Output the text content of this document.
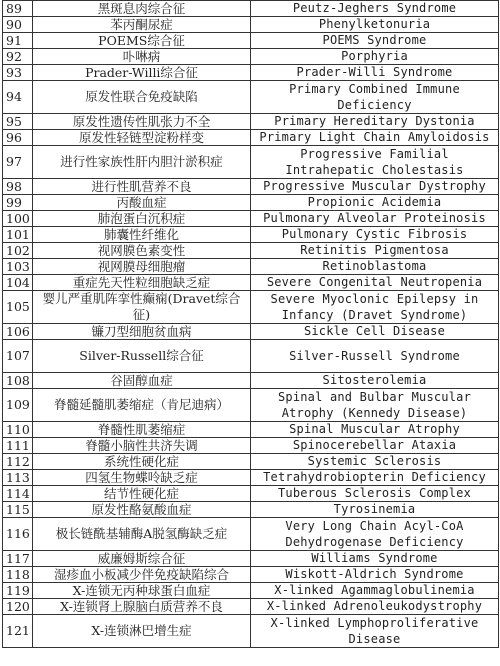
89	黑斑息肉综合征	Peutz-Jeghers Syndrome
90	苯丙酮尿症	Phenylketonuria
91	POEMS综合征	POEMS Syndrome
92	卟啉病	Porphyria
93	Prader-Willi综合征	Prader-Willi Syndrome
94	原发性联合免疫缺陷	Primary Combined Immune
Deficiency

95	原发性遗传性肌张力不全	Primary Hereditary Dystonia
96	原发性轻链型淀粉样变	Primary Light Chain Amyloidosis
97	进行性家族性肝内胆汁淤积症	Progressive Familial
Intrahepatic Cholestasis

98	进行性肌营养不良	Progressive Muscular Dystrophy
99	丙酸血症	Propionic Acidemia
100	肺泡蛋白沉积症	Pulmonary Alveolar Proteinosis
101	肺囊性纤维化	Pulmonary Cystic Fibrosis
102	视网膜色素变性	Retinitis Pigmentosa
103	视网膜母细胞瘤	Retinoblastoma
104	重症先天性粒细胞缺乏症	Severe Congenital Neutropenia
105	婴儿严重肌阵挛性癫痫(Dravet综合征)	Severe Myoclonic Epilepsy in
Infancy (Dravet Syndrome)

106	镰刀型细胞贫血病	Sickle Cell Disease
107	Silver-Russell综合征	Silver-Russell Syndrome
108	谷固醇血症	Sitosterolemia
109	脊髓延髓肌萎缩症（肯尼迪病）	Spinal and Bulbar Muscular
Atrophy (Kennedy Disease)

110	脊髓性肌萎缩症	Spinal Muscular Atrophy
111	脊髓小脑性共济失调	Spinocerebellar Ataxia
112	系统性硬化症	Systemic Sclerosis
113	四氢生物蝶呤缺乏症	Tetrahydrobiopterin Deficiency
114	结节性硬化症	Tuberous Sclerosis Complex
115	原发性酪氨酸血症	Tyrosinemia
116	极长链酰基辅酶A脱氢酶缺乏症	Very Long Chain Acyl-CoA
Dehydrogenase Deficiency

117	威廉姆斯综合征	Williams Syndrome
118	湿疹血小板减少伴免疫缺陷综合	Wiskott-Aldrich Syndrome
119	X-连锁无丙种球蛋白血症	X-linked Agammaglobulinemia
120	X-连锁肾上腺脑白质营养不良	X-linked Adrenoleukodystrophy
121	X-连锁淋巴增生症	X-linked Lymphoproliferative
Disease
